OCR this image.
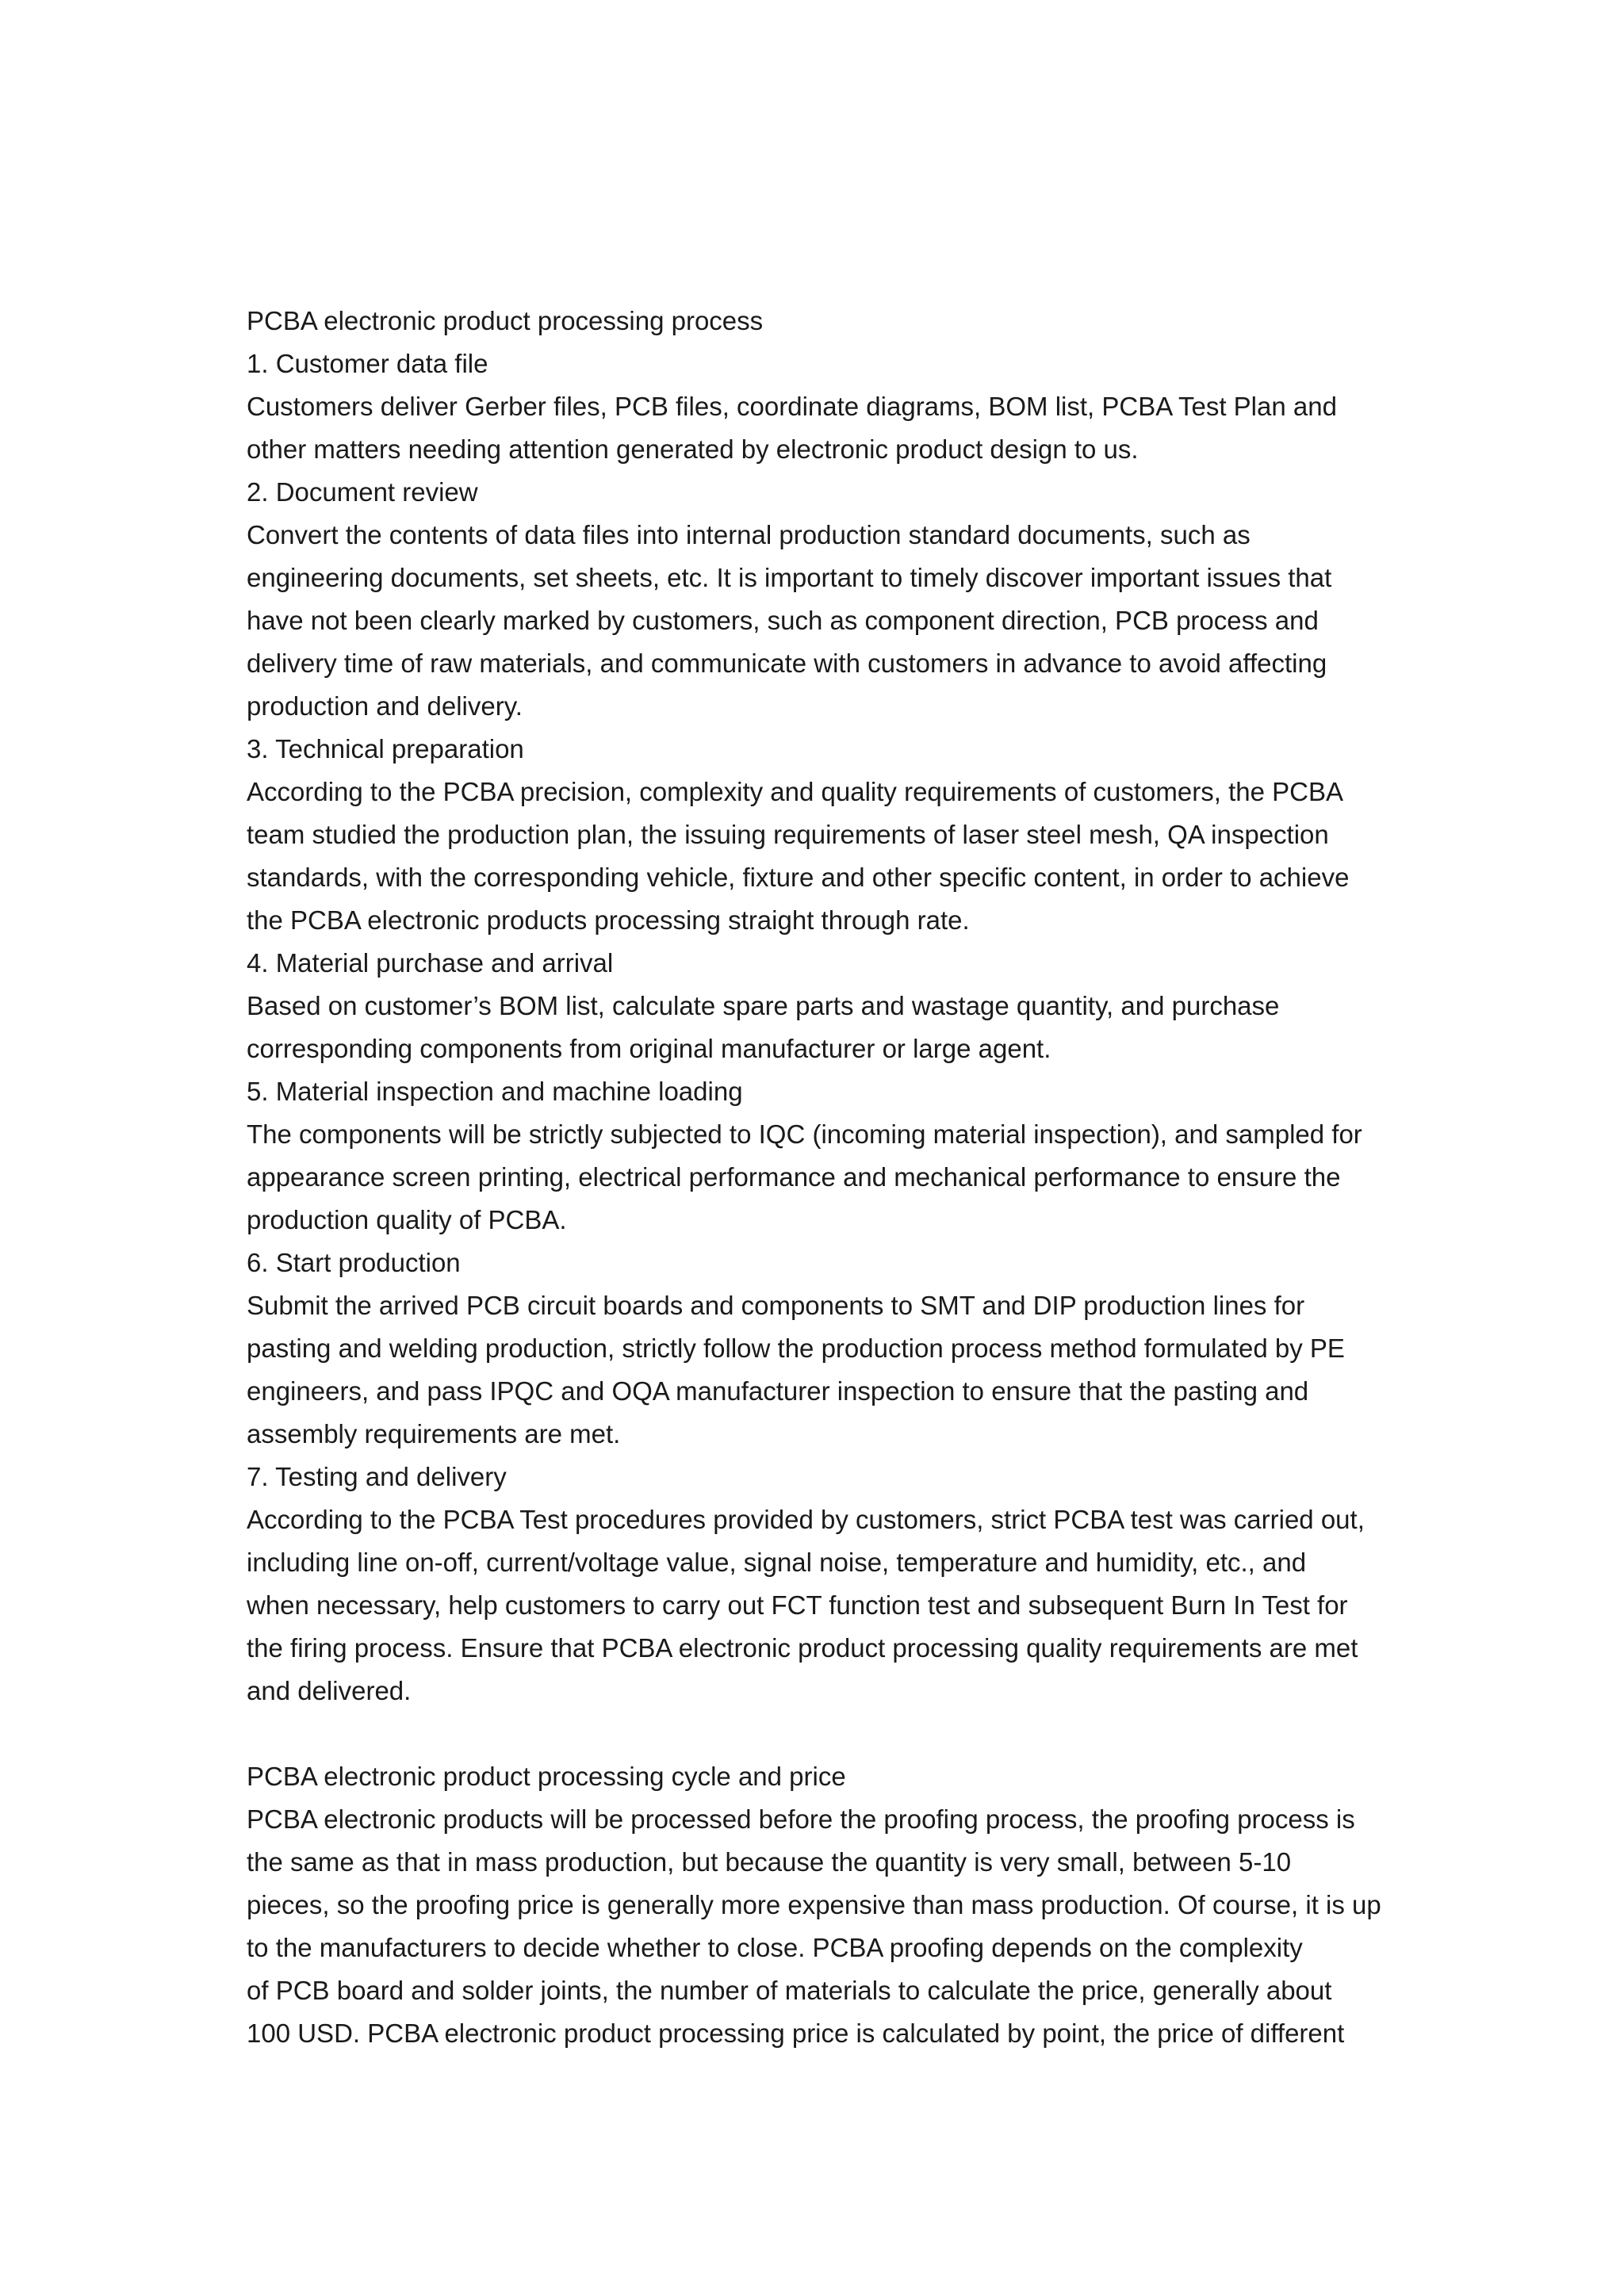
PCBA electronic product processing process
1. Customer data file
Customers deliver Gerber files, PCB files, coordinate diagrams, BOM list, PCBA Test Plan and
other matters needing attention generated by electronic product design to us.
2. Document review
Convert the contents of data files into internal production standard documents, such as
engineering documents, set sheets, etc. It is important to timely discover important issues that
have not been clearly marked by customers, such as component direction, PCB process and
delivery time of raw materials, and communicate with customers in advance to avoid affecting
production and delivery.
3. Technical preparation
According to the PCBA precision, complexity and quality requirements of customers, the PCBA
team studied the production plan, the issuing requirements of laser steel mesh, QA inspection
standards, with the corresponding vehicle, fixture and other specific content, in order to achieve
the PCBA electronic products processing straight through rate.
4. Material purchase and arrival
Based on customer’s BOM list, calculate spare parts and wastage quantity, and purchase
corresponding components from original manufacturer or large agent.
5. Material inspection and machine loading
The components will be strictly subjected to IQC (incoming material inspection), and sampled for
appearance screen printing, electrical performance and mechanical performance to ensure the
production quality of PCBA.
6. Start production
Submit the arrived PCB circuit boards and components to SMT and DIP production lines for
pasting and welding production, strictly follow the production process method formulated by PE
engineers, and pass IPQC and OQA manufacturer inspection to ensure that the pasting and
assembly requirements are met.
7. Testing and delivery
According to the PCBA Test procedures provided by customers, strict PCBA test was carried out,
including line on-off, current/voltage value, signal noise, temperature and humidity, etc., and
when necessary, help customers to carry out FCT function test and subsequent Burn In Test for
the firing process. Ensure that PCBA electronic product processing quality requirements are met
and delivered.
PCBA electronic product processing cycle and price
PCBA electronic products will be processed before the proofing process, the proofing process is
the same as that in mass production, but because the quantity is very small, between 5-10
pieces, so the proofing price is generally more expensive than mass production. Of course, it is up
to the manufacturers to decide whether to close. PCBA proofing depends on the complexity
of PCB board and solder joints, the number of materials to calculate the price, generally about
100 USD. PCBA electronic product processing price is calculated by point, the price of different
